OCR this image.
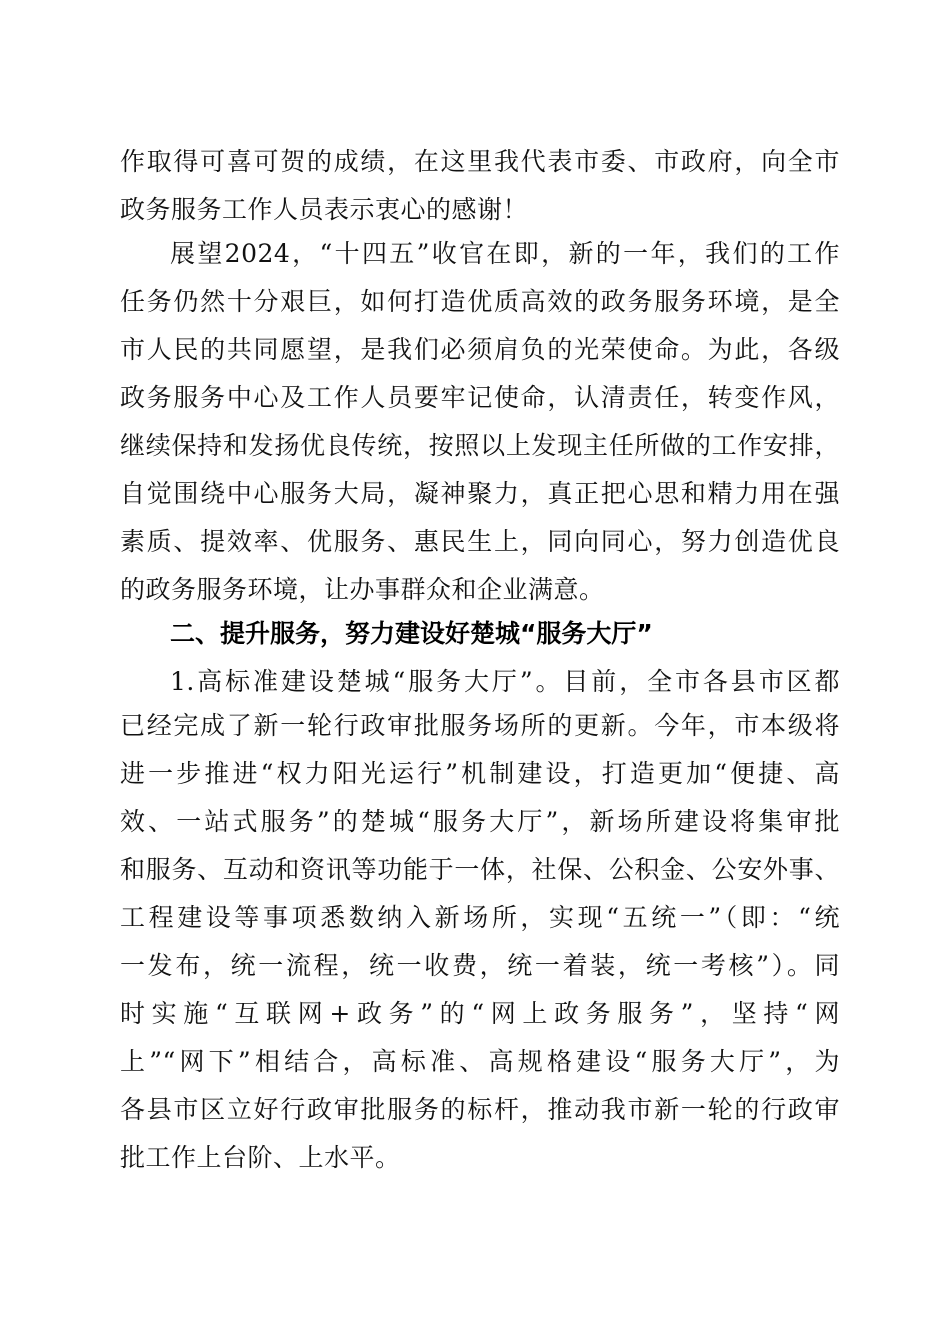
作取得可喜可贺的成绩，在这里我代表市委、市政府，向全市
政务服务工作人员表示衷心的感谢！
展望2024，“十四五”收官在即，新的一年，我们的工作
任务仍然十分艰巨，如何打造优质高效的政务服务环境，是全
市人民的共同愿望，是我们必须肩负的光荣使命。为此，各级
政务服务中心及工作人员要牢记使命，认清责任，转变作风，
继续保持和发扬优良传统，按照以上发现主任所做的工作安排，
自觉围绕中心服务大局，凝神聚力，真正把心思和精力用在强
素质、提效率、优服务、惠民生上，同向同心，努力创造优良
的政务服务环境，让办事群众和企业满意。
二、提升服务，努力建设好楚城“服务大厅”
1.高标准建设楚城“服务大厅”。目前，全市各县市区都
已经完成了新一轮行政审批服务场所的更新。今年，市本级将
进一步推进“权力阳光运行”机制建设，打造更加“便捷、高
效、一站式服务”的楚城“服务大厅”，新场所建设将集审批
和服务、互动和资讯等功能于一体，社保、公积金、公安外事、
工程建设等事项悉数纳入新场所，实现“五统一”（即：“统
一发布，统一流程，统一收费，统一着装，统一考核”）。同
时实施“互联网+政务”的“网上政务服务”，坚持“网
上”“网下”相结合，高标准、高规格建设“服务大厅”，为
各县市区立好行政审批服务的标杆，推动我市新一轮的行政审
批工作上台阶、上水平。
